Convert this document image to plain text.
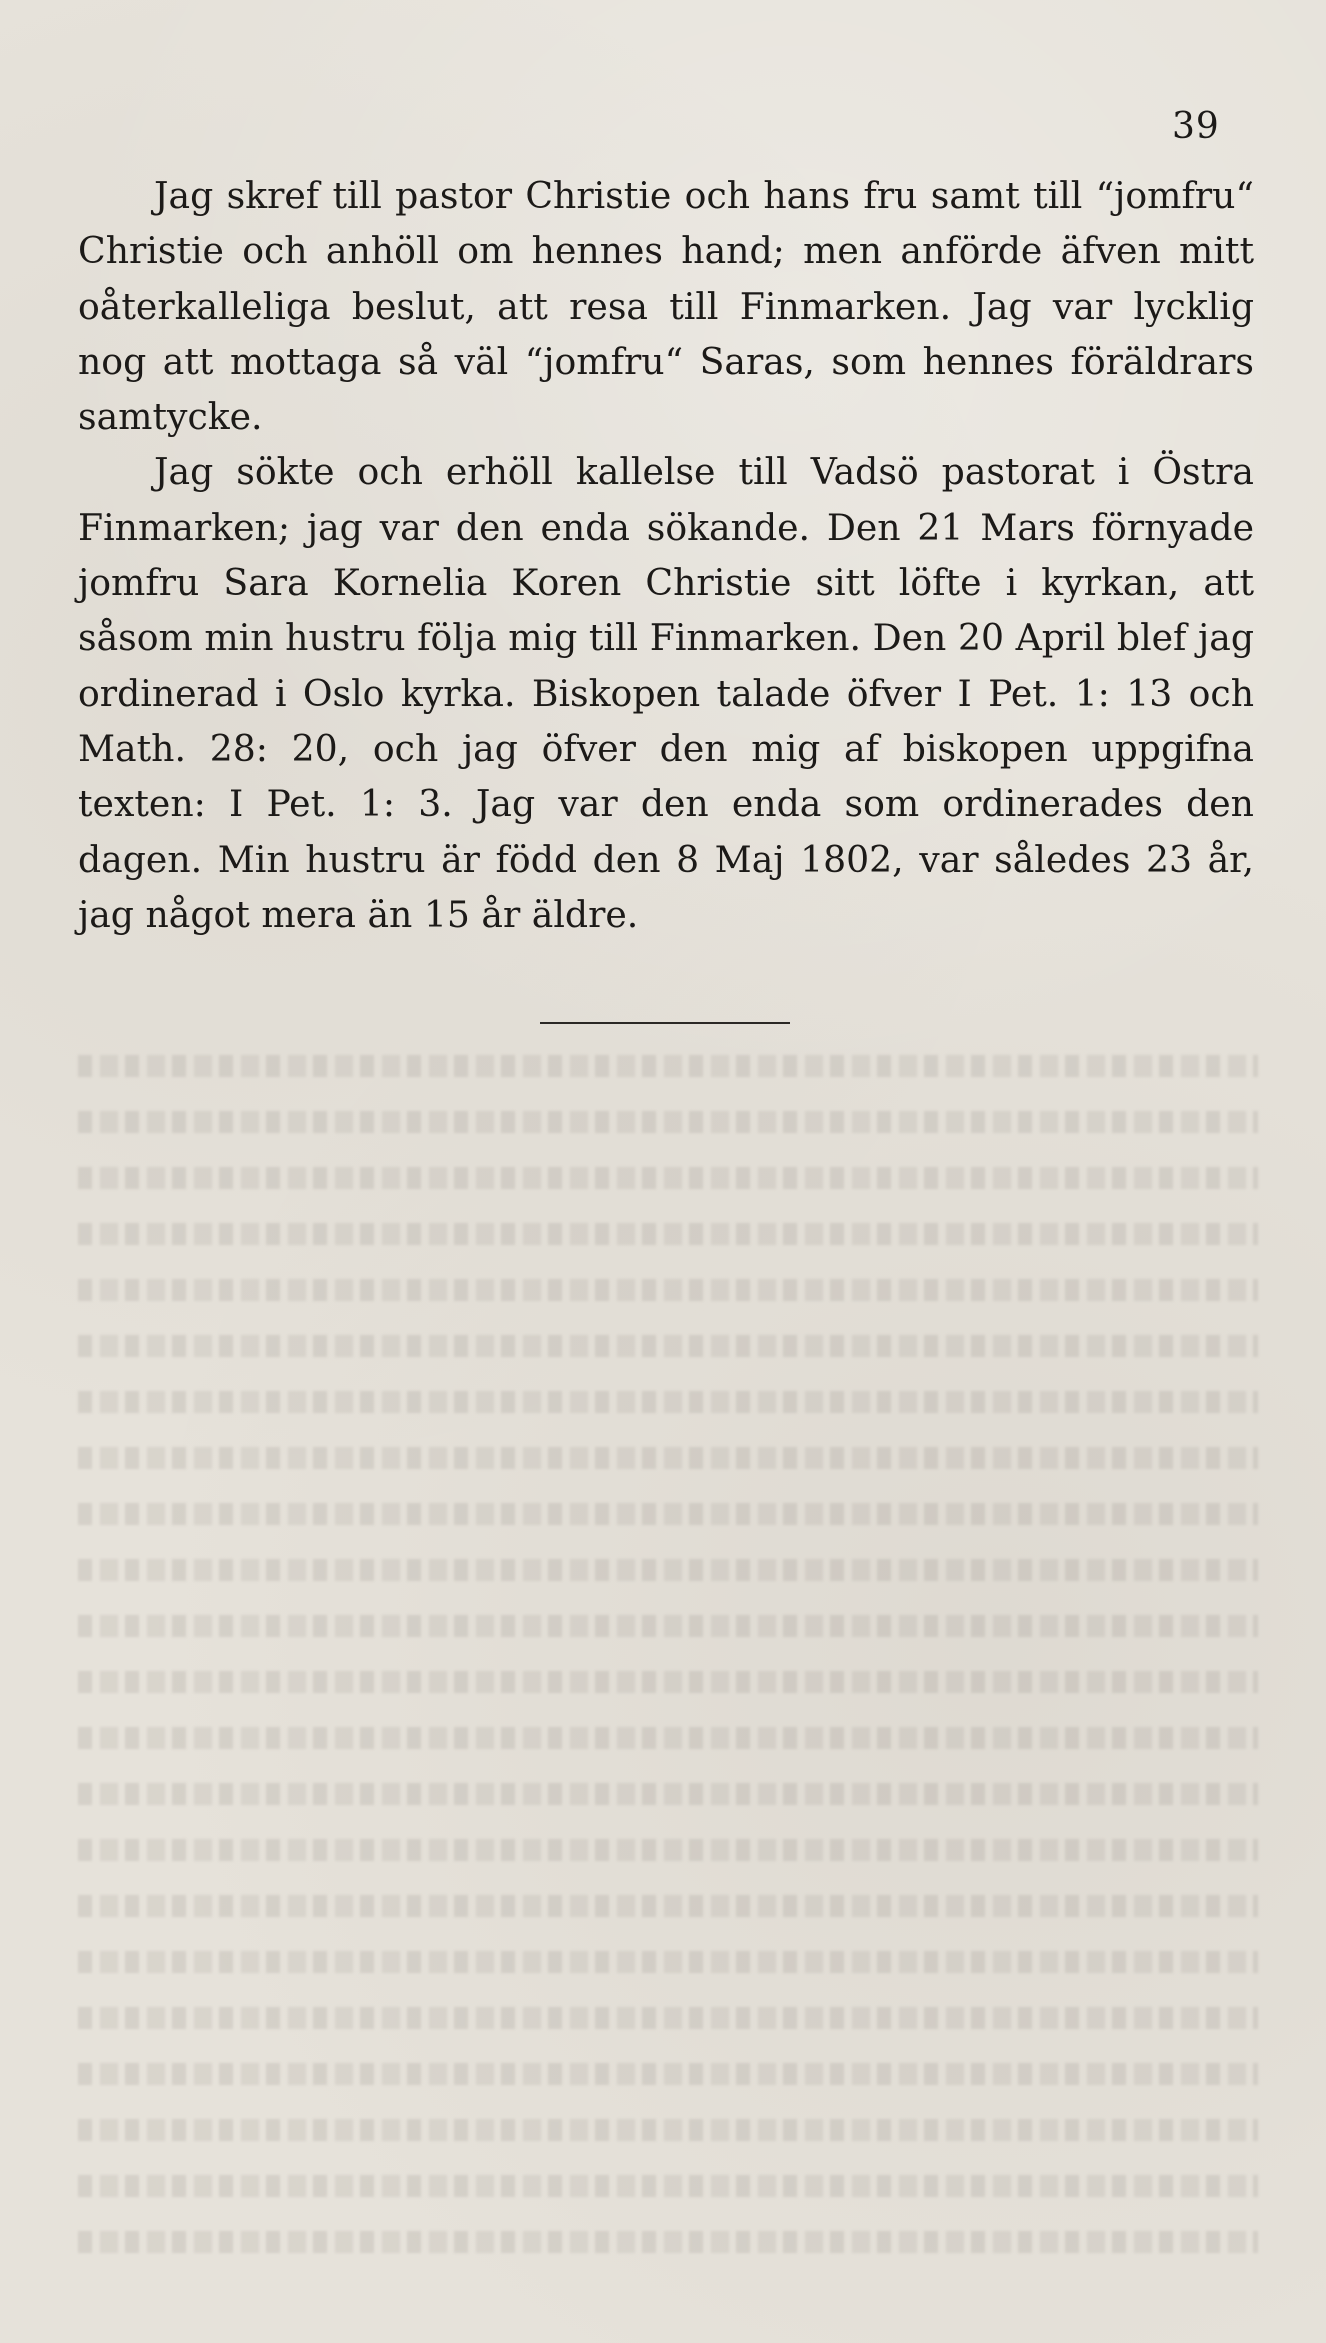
39

Jag skref till pastor Christie och hans fru samt till “jomfru“ Christie och anhöll om hennes hand; men anförde äfven mitt oåterkalleliga beslut, att resa till Finmarken. Jag var lycklig nog att mottaga så väl “jomfru“ Saras, som hennes föräldrars samtycke.

Jag sökte och erhöll kallelse till Vadsö pastorat i Östra Finmarken; jag var den enda sökande. Den 21 Mars förnyade jomfru Sara Kornelia Koren Christie sitt löfte i kyrkan, att såsom min hustru följa mig till Finmarken. Den 20 April blef jag ordinerad i Oslo kyrka. Biskopen talade öfver I Pet. 1: 13 och Math. 28: 20, och jag öfver den mig af biskopen uppgifna texten: I Pet. 1: 3. Jag var den enda som ordinerades den dagen. Min hustru är född den 8 Maj 1802, var således 23 år, jag något mera än 15 år äldre.
